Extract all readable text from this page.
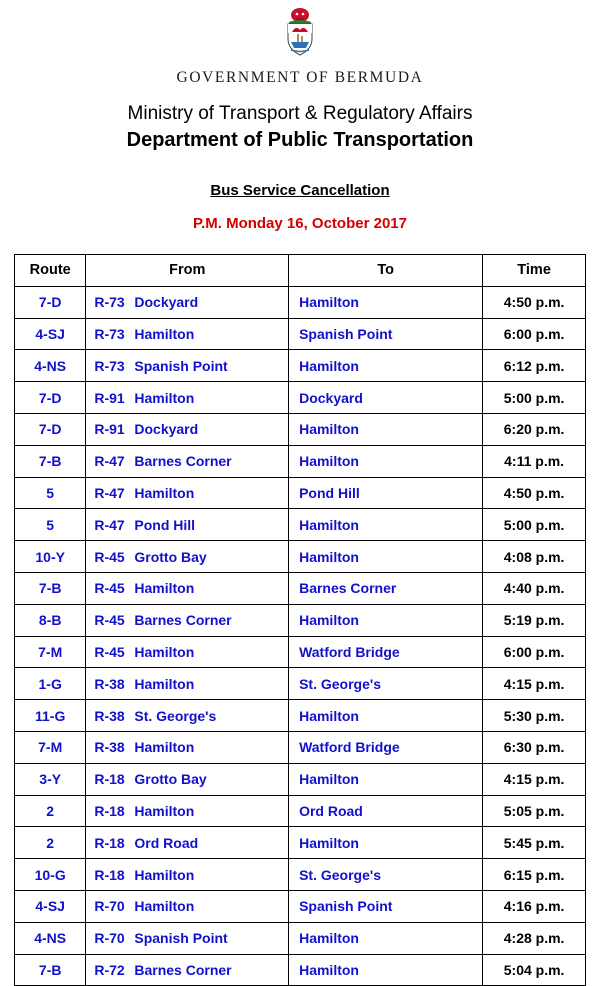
GOVERNMENT OF BERMUDA
Ministry of Transport & Regulatory Affairs
Department of Public Transportation
Bus Service Cancellation
P.M. Monday 16, October 2017
Route	From	To	Time
7-D	R-73 Dockyard	Hamilton	4:50 p.m.
4-SJ	R-73 Hamilton	Spanish Point	6:00 p.m.
4-NS	R-73 Spanish Point	Hamilton	6:12 p.m.
7-D	R-91 Hamilton	Dockyard	5:00 p.m.
7-D	R-91 Dockyard	Hamilton	6:20 p.m.
7-B	R-47 Barnes Corner	Hamilton	4:11 p.m.
5	R-47 Hamilton	Pond Hill	4:50 p.m.
5	R-47 Pond Hill	Hamilton	5:00 p.m.
10-Y	R-45 Grotto Bay	Hamilton	4:08 p.m.
7-B	R-45 Hamilton	Barnes Corner	4:40 p.m.
8-B	R-45 Barnes Corner	Hamilton	5:19 p.m.
7-M	R-45 Hamilton	Watford Bridge	6:00 p.m.
1-G	R-38 Hamilton	St. George's	4:15 p.m.
11-G	R-38 St. George's	Hamilton	5:30 p.m.
7-M	R-38 Hamilton	Watford Bridge	6:30 p.m.
3-Y	R-18 Grotto Bay	Hamilton	4:15 p.m.
2	R-18 Hamilton	Ord Road	5:05 p.m.
2	R-18 Ord Road	Hamilton	5:45 p.m.
10-G	R-18 Hamilton	St. George's	6:15 p.m.
4-SJ	R-70 Hamilton	Spanish Point	4:16 p.m.
4-NS	R-70 Spanish Point	Hamilton	4:28 p.m.
7-B	R-72 Barnes Corner	Hamilton	5:04 p.m.
